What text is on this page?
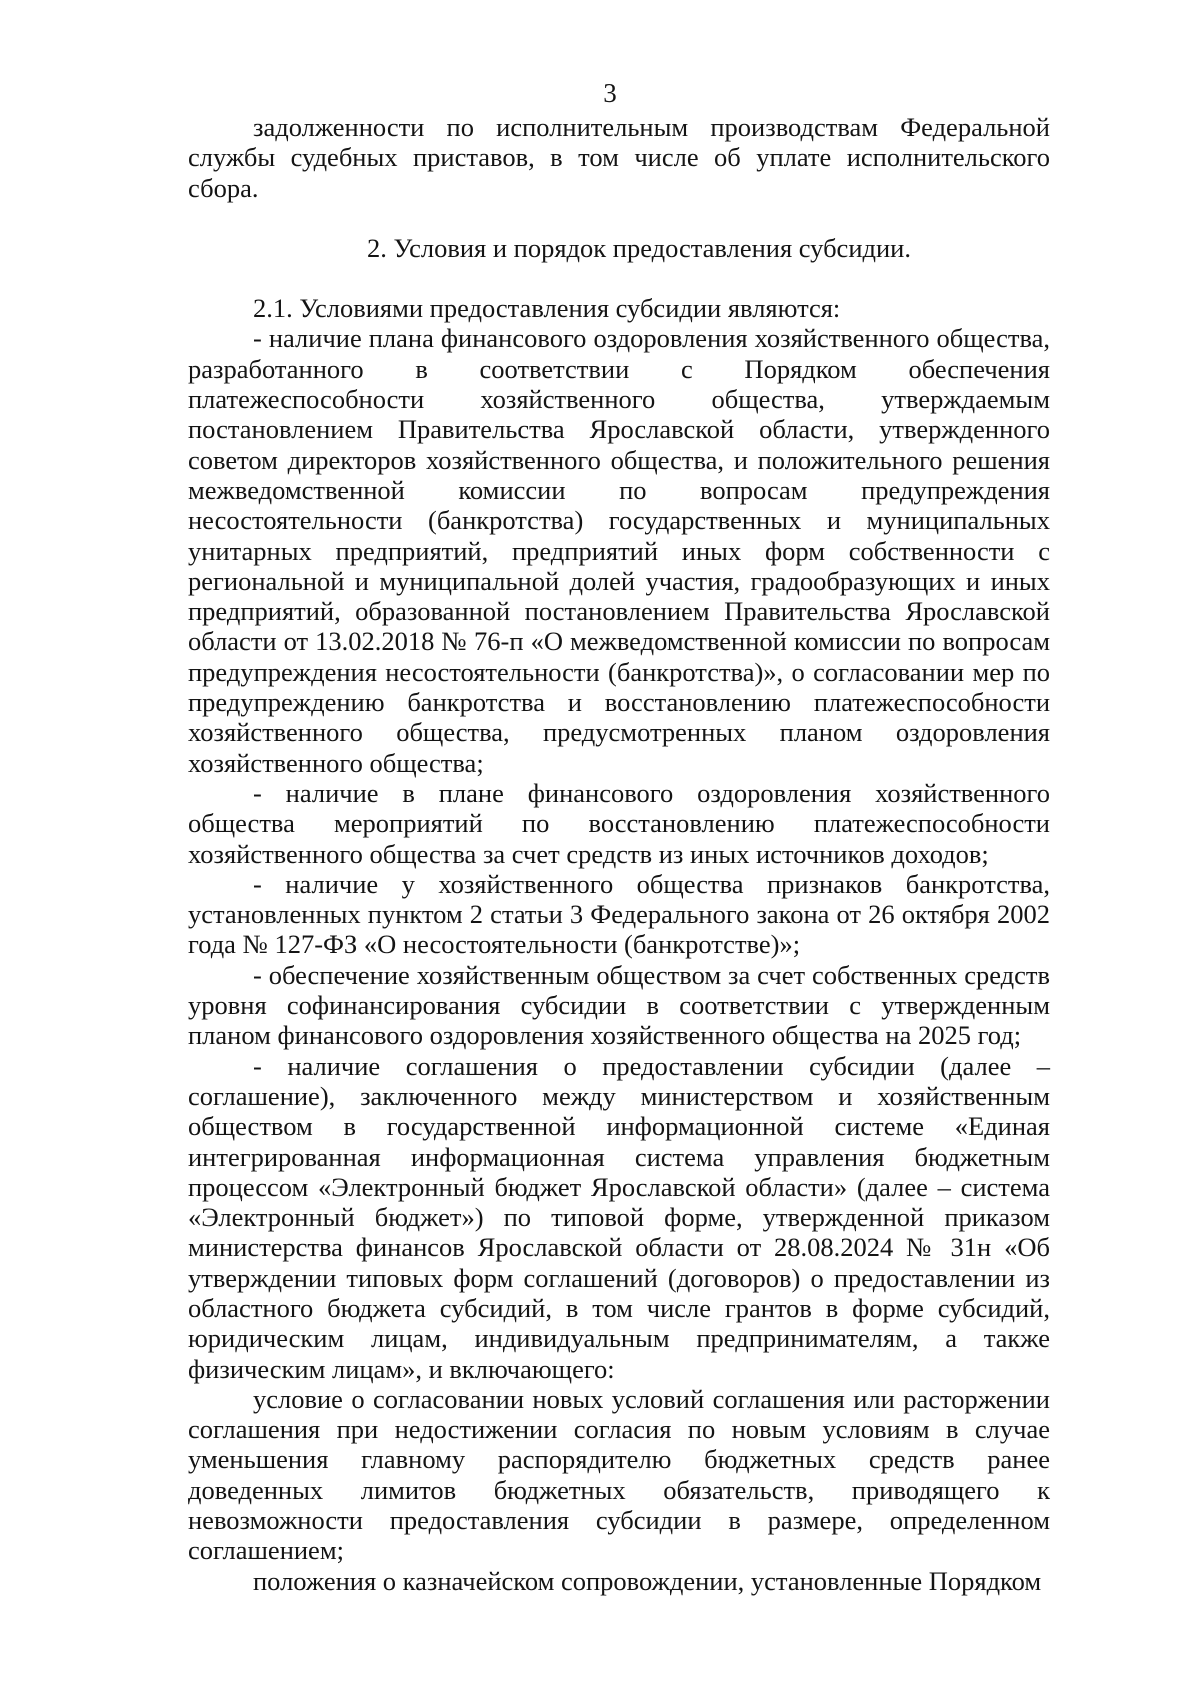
3

задолженности по исполнительным производствам Федеральной службы судебных приставов, в том числе об уплате исполнительского сбора.

2. Условия и порядок предоставления субсидии.

2.1. Условиями предоставления субсидии являются:

- наличие плана финансового оздоровления хозяйственного общества, разработанного в соответствии с Порядком обеспечения платежеспособности хозяйственного общества, утверждаемым постановлением Правительства Ярославской области, утвержденного советом директоров хозяйственного общества, и положительного решения межведомственной комиссии по вопросам предупреждения несостоятельности (банкротства) государственных и муниципальных унитарных предприятий, предприятий иных форм собственности с региональной и муниципальной долей участия, градообразующих и иных предприятий, образованной постановлением Правительства Ярославской области от 13.02.2018 № 76-п «О межведомственной комиссии по вопросам предупреждения несостоятельности (банкротства)», о согласовании мер по предупреждению банкротства и восстановлению платежеспособности хозяйственного общества, предусмотренных планом оздоровления хозяйственного общества;

- наличие в плане финансового оздоровления хозяйственного общества мероприятий по восстановлению платежеспособности хозяйственного общества за счет средств из иных источников доходов;

- наличие у хозяйственного общества признаков банкротства, установленных пунктом 2 статьи 3 Федерального закона от 26 октября 2002 года № 127-ФЗ «О несостоятельности (банкротстве)»;

- обеспечение хозяйственным обществом за счет собственных средств уровня софинансирования субсидии в соответствии с утвержденным планом финансового оздоровления хозяйственного общества на 2025 год;

- наличие соглашения о предоставлении субсидии (далее – соглашение), заключенного между министерством и хозяйственным обществом в государственной информационной системе «Единая интегрированная информационная система управления бюджетным процессом «Электронный бюджет Ярославской области» (далее – система «Электронный бюджет») по типовой форме, утвержденной приказом министерства финансов Ярославской области от 28.08.2024 № 31н «Об утверждении типовых форм соглашений (договоров) о предоставлении из областного бюджета субсидий, в том числе грантов в форме субсидий, юридическим лицам, индивидуальным предпринимателям, а также физическим лицам», и включающего:

условие о согласовании новых условий соглашения или расторжении соглашения при недостижении согласия по новым условиям в случае уменьшения главному распорядителю бюджетных средств ранее доведенных лимитов бюджетных обязательств, приводящего к невозможности предоставления субсидии в размере, определенном соглашением;

положения о казначейском сопровождении, установленные Порядком
